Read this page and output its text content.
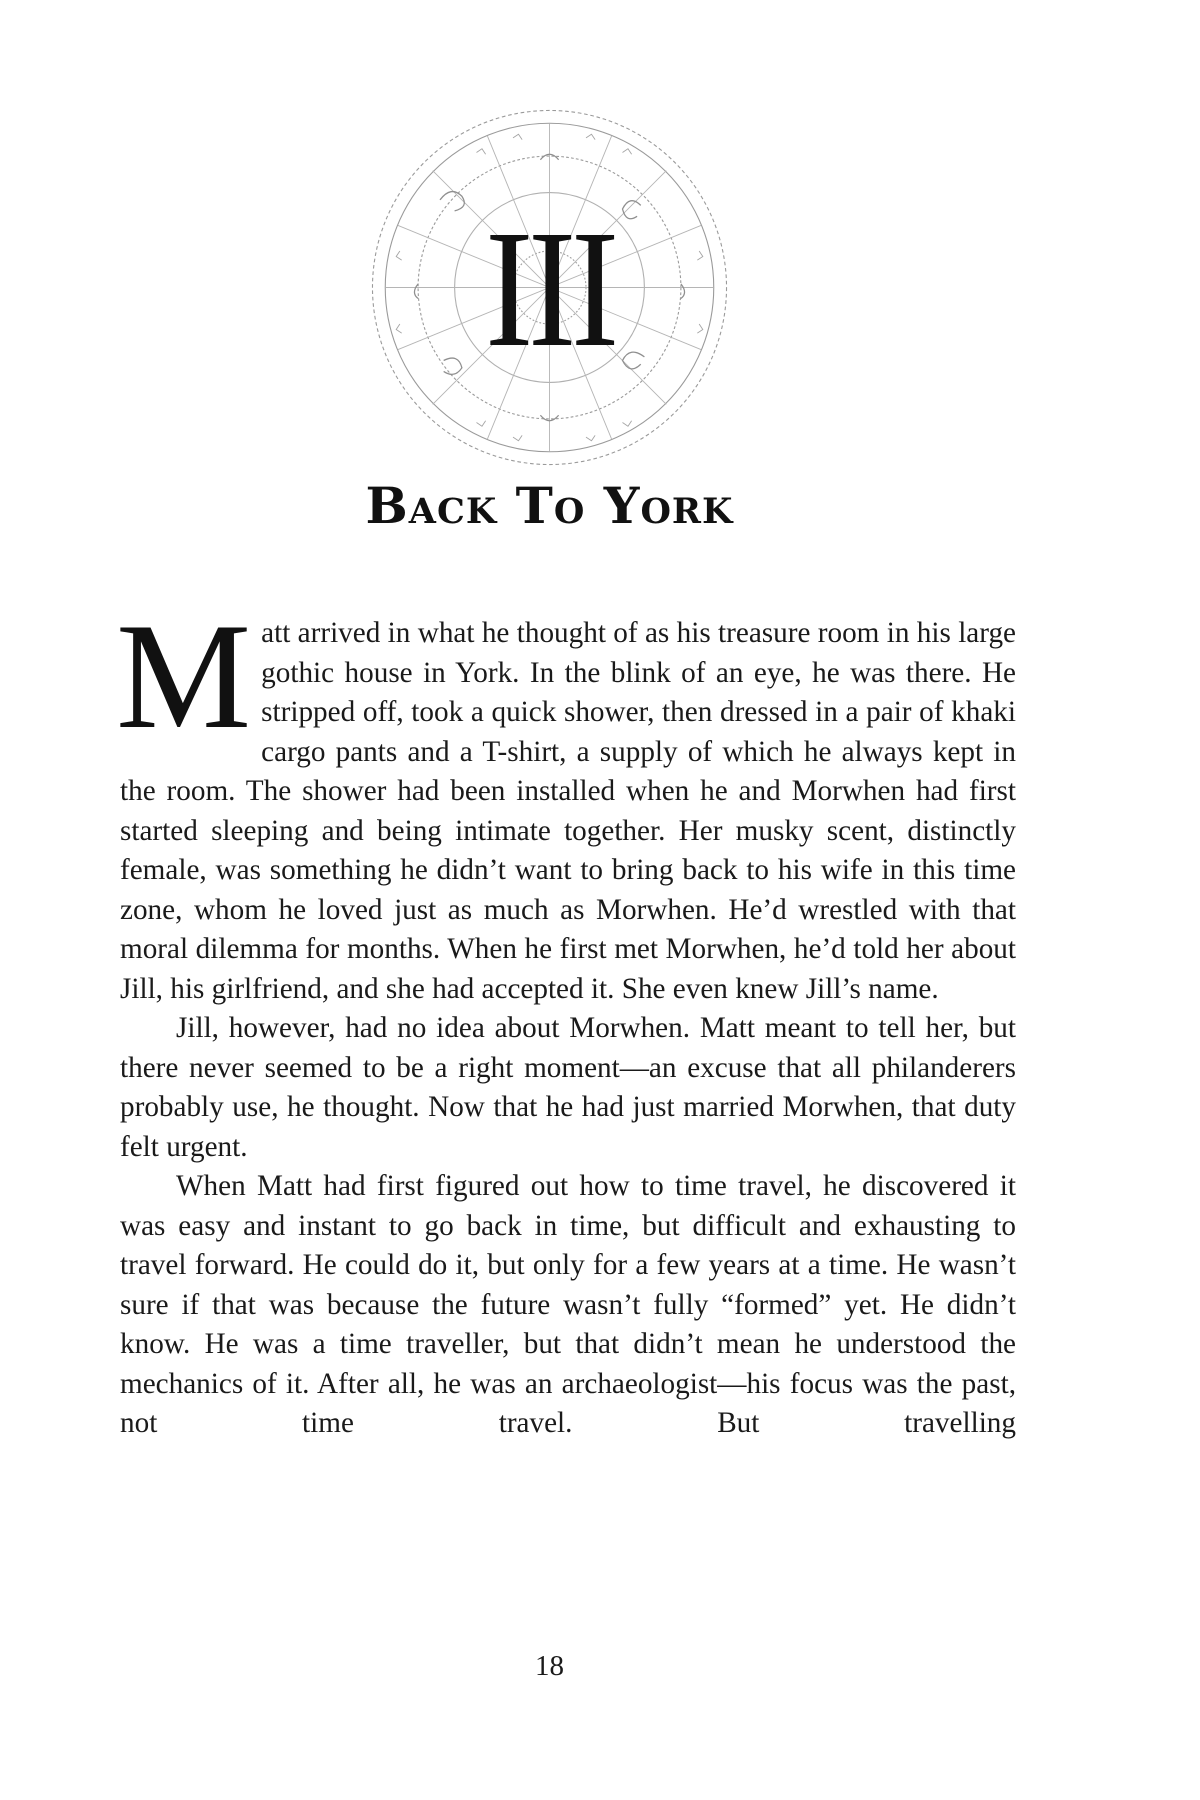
III
Back To York

Matt arrived in what he thought of as his treasure room in his large gothic house in York. In the blink of an eye, he was there. He stripped off, took a quick shower, then dressed in a pair of khaki cargo pants and a T-shirt, a supply of which he always kept in the room. The shower had been installed when he and Morwhen had first started sleeping and being intimate together. Her musky scent, distinctly female, was something he didn’t want to bring back to his wife in this time zone, whom he loved just as much as Morwhen. He’d wrestled with that moral dilemma for months. When he first met Morwhen, he’d told her about Jill, his girlfriend, and she had accepted it. She even knew Jill’s name.

Jill, however, had no idea about Morwhen. Matt meant to tell her, but there never seemed to be a right moment—an excuse that all philanderers probably use, he thought. Now that he had just married Morwhen, that duty felt urgent.

When Matt had first figured out how to time travel, he discovered it was easy and instant to go back in time, but difficult and exhausting to travel forward. He could do it, but only for a few years at a time. He wasn’t sure if that was because the future wasn’t fully “formed” yet. He didn’t know. He was a time traveller, but that didn’t mean he understood the mechanics of it. After all, he was an archaeologist—his focus was the past, not time travel. But travelling

18
